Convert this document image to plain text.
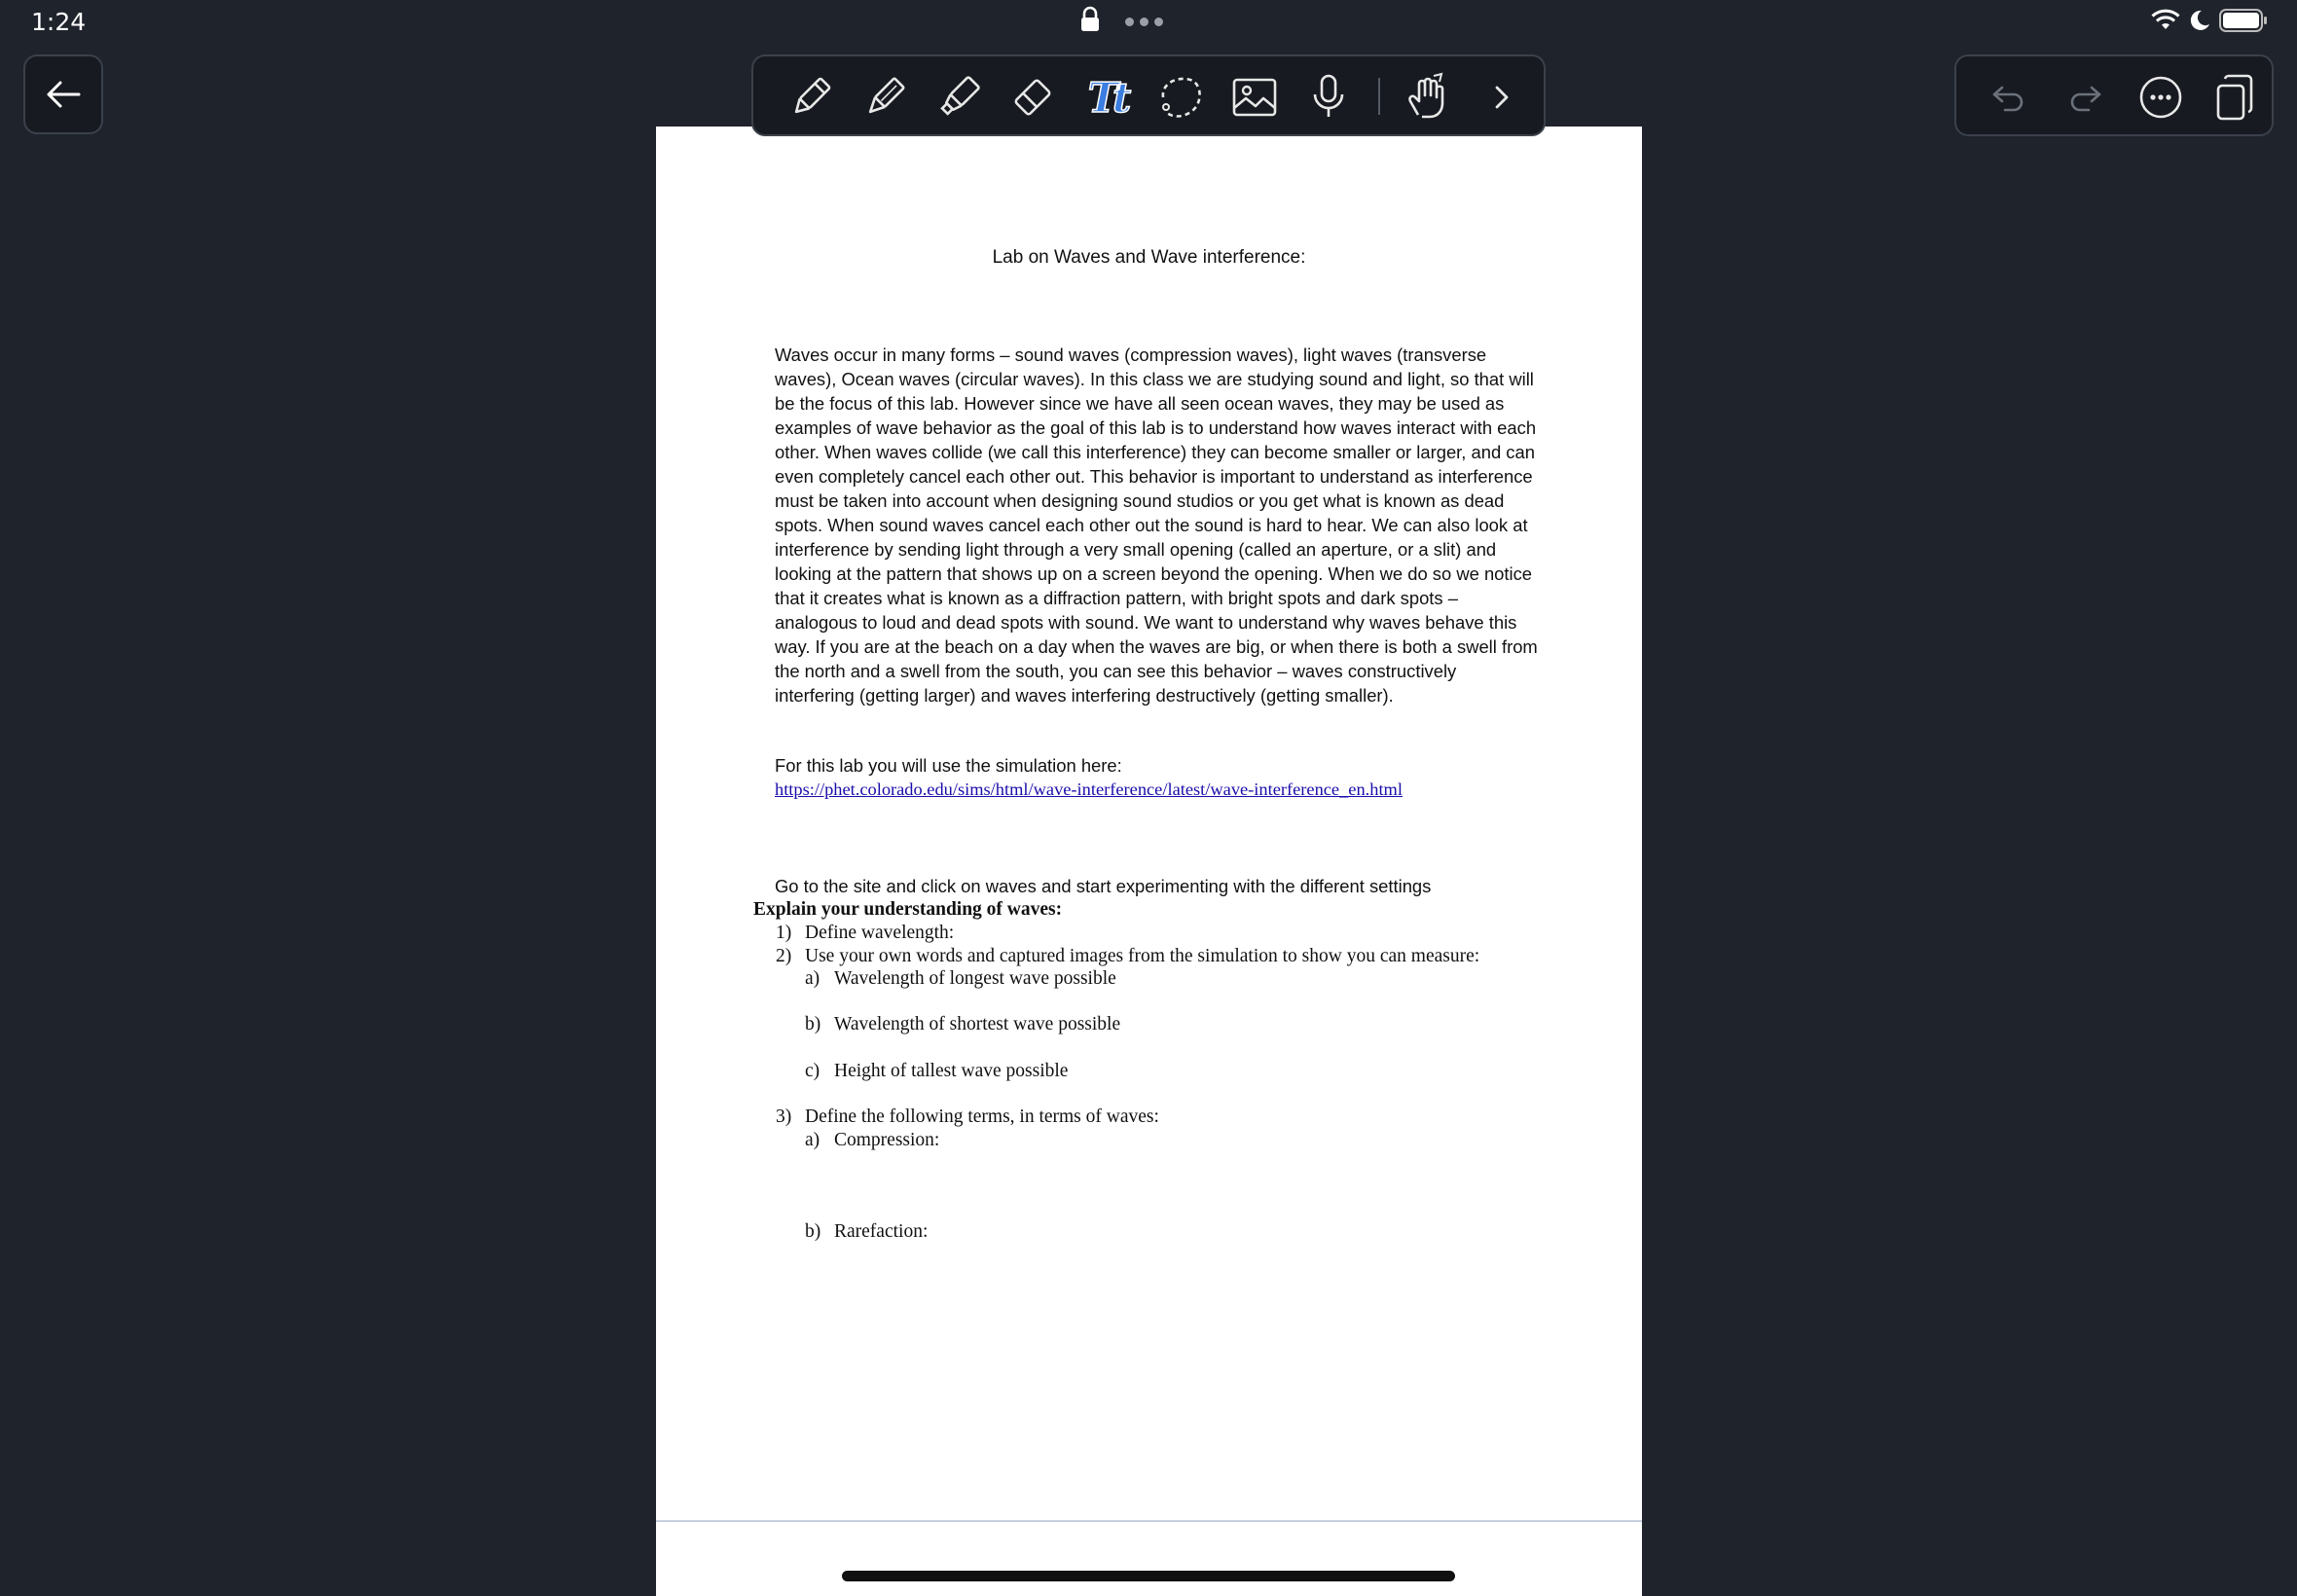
1:24
Tt
Lab on Waves and Wave interference:

Waves occur in many forms – sound waves (compression waves), light waves (transverse waves), Ocean waves (circular waves). In this class we are studying sound and light, so that will be the focus of this lab. However since we have all seen ocean waves, they may be used as examples of wave behavior as the goal of this lab is to understand how waves interact with each other. When waves collide (we call this interference) they can become smaller or larger, and can even completely cancel each other out. This behavior is important to understand as interference must be taken into account when designing sound studios or you get what is known as dead spots. When sound waves cancel each other out the sound is hard to hear. We can also look at interference by sending light through a very small opening (called an aperture, or a slit) and looking at the pattern that shows up on a screen beyond the opening. When we do so we notice that it creates what is known as a diffraction pattern, with bright spots and dark spots – analogous to loud and dead spots with sound. We want to understand why waves behave this way. If you are at the beach on a day when the waves are big, or when there is both a swell from the north and a swell from the south, you can see this behavior – waves constructively interfering (getting larger) and waves interfering destructively (getting smaller).

For this lab you will use the simulation here:
https://phet.colorado.edu/sims/html/wave-interference/latest/wave-interference_en.html
Go to the site and click on waves and start experimenting with the different settings
Explain your understanding of waves:
1) Define wavelength:
2) Use your own words and captured images from the simulation to show you can measure:
a) Wavelength of longest wave possible
b) Wavelength of shortest wave possible
c) Height of tallest wave possible
3) Define the following terms, in terms of waves:
a) Compression:
b) Rarefaction:
